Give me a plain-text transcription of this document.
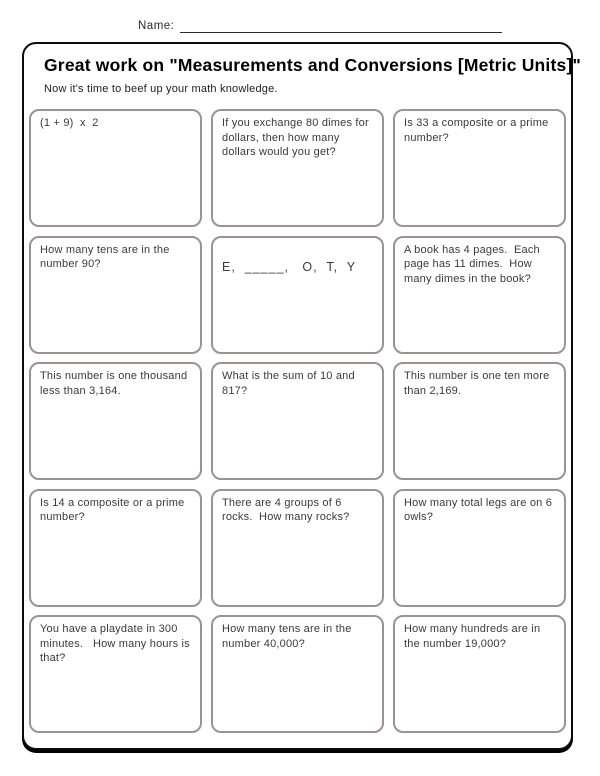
Name:
Great work on "Measurements and Conversions [Metric Units]"
Now it's time to beef up your math knowledge.
(1 + 9)  x  2	If you exchange 80 dimes for dollars, then how many dollars would you get?
Is 33 a composite or a prime number?
How many tens are in the number 90?	E,  _____,   O,  T,  Y
A book has 4 pages.  Each page has 11 dimes.  How many dimes in the book?
This number is one thousand less than 3,164.
What is the sum of 10 and 817?
This number is one ten more than 2,169.
Is 14 a composite or a prime number?
There are 4 groups of 6 rocks.  How many rocks?
How many total legs are on 6 owls?
You have a playdate in 300 minutes.   How many hours is that?
How many tens are in the number 40,000?
How many hundreds are in the number 19,000?
